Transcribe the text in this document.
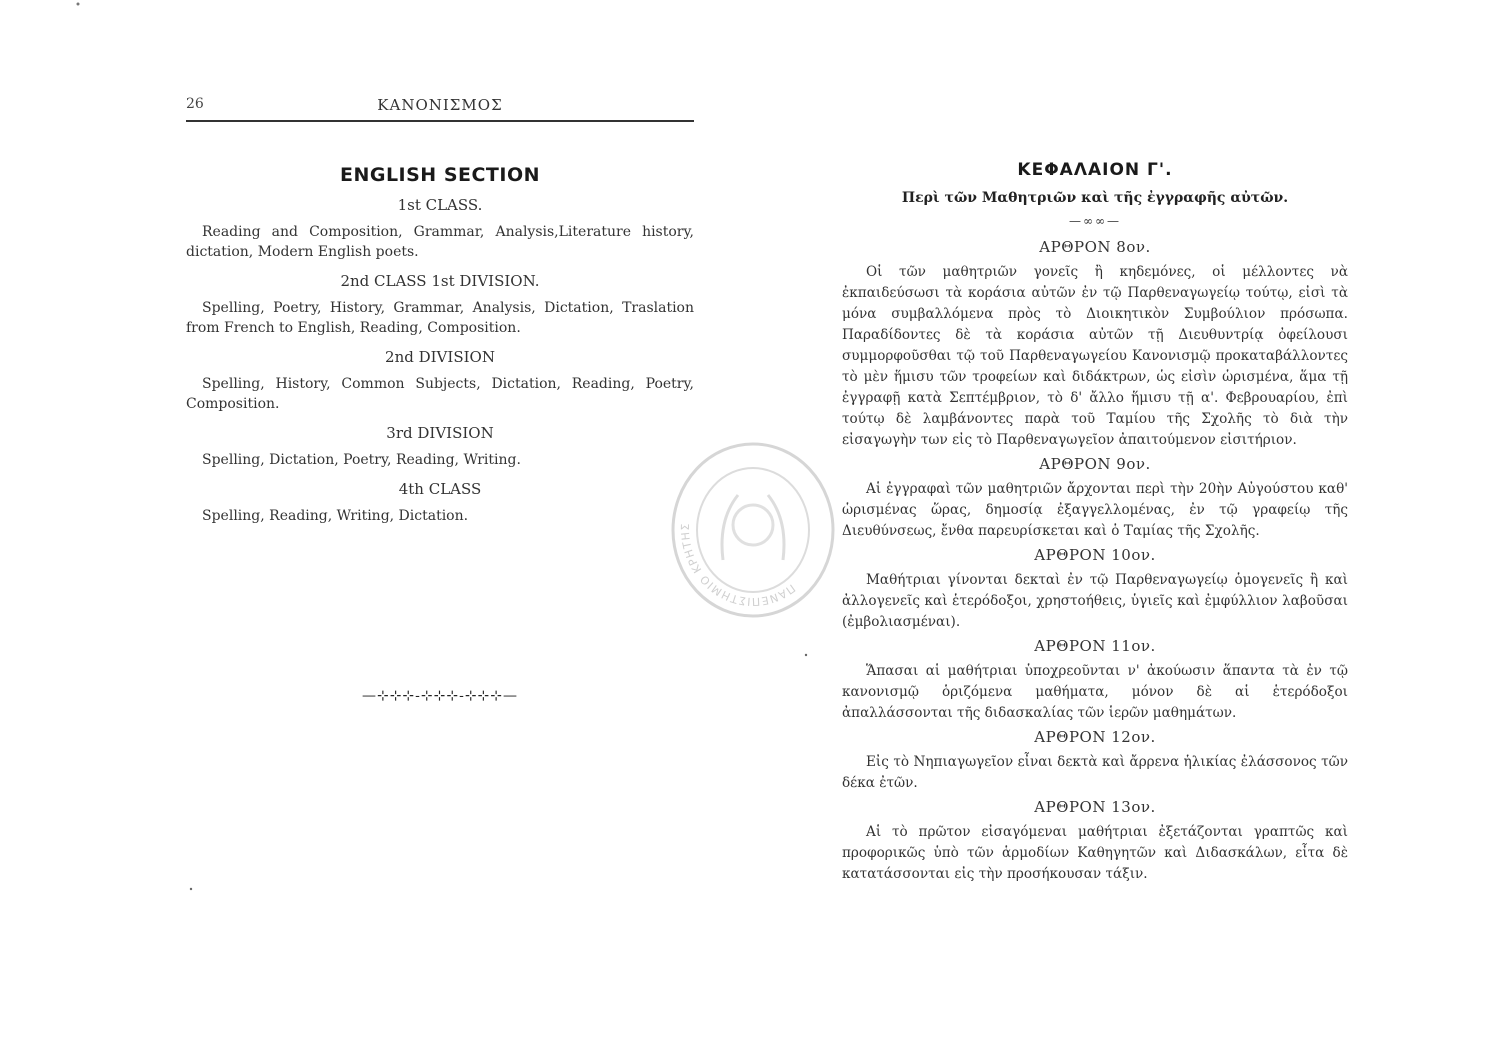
26	ΚΑΝΟΝΙΣΜΟΣ
ENGLISH SECTION
1st CLASS.

Reading and Composition, Grammar, Analysis,Literature history, dictation, Modern English poets.

2nd CLASS 1st DIVISION.

Spelling, Poetry, History, Grammar, Analysis, Dictation, Traslation from French to English, Reading, Composition.

2nd DIVISION

Spelling, History, Common Subjects, Dictation, Reading, Poetry, Composition.

3rd DIVISION

Spelling, Dictation, Poetry, Reading, Writing.

4th CLASS

Spelling, Reading, Writing, Dictation.

—⊹⊹⊹-⊹⊹⊹-⊹⊹⊹—
ΚΕΦΑΛΑΙΟΝ Γ'.
Περὶ τῶν Μαθητριῶν καὶ τῆς ἐγγραφῆς αὐτῶν.
—∞∞—
ΑΡΘΡΟΝ 8ον.

Οἱ τῶν μαθητριῶν γονεῖς ἢ κηδεμόνες, οἱ μέλλοντες νὰ ἐκπαιδεύσωσι τὰ κοράσια αὐτῶν ἐν τῷ Παρθεναγωγείῳ τούτῳ, εἰσὶ τὰ μόνα συμβαλλόμενα πρὸς τὸ Διοικητικὸν Συμβούλιον πρόσωπα. Παραδίδοντες δὲ τὰ κοράσια αὐτῶν τῇ Διευθυντρίᾳ ὀφείλουσι συμμορφοῦσθαι τῷ τοῦ Παρθεναγωγείου Κανονισμῷ προκαταβάλλοντες τὸ μὲν ἥμισυ τῶν τροφείων καὶ διδάκτρων, ὡς εἰσὶν ὡρισμένα, ἅμα τῇ ἐγγραφῇ κατὰ Σεπτέμβριον, τὸ δ' ἄλλο ἥμισυ τῇ α'. Φεβρουαρίου, ἐπὶ τούτῳ δὲ λαμβάνοντες παρὰ τοῦ Ταμίου τῆς Σχολῆς τὸ διὰ τὴν εἰσαγωγὴν των εἰς τὸ Παρθεναγωγεῖον ἀπαιτούμενον εἰσιτήριον.

ΑΡΘΡΟΝ 9ον.

Αἱ ἐγγραφαὶ τῶν μαθητριῶν ἄρχονται περὶ τὴν 20ὴν Αὐγούστου καθ' ὡρισμένας ὥρας, δημοσίᾳ ἐξαγγελλομένας, ἐν τῷ γραφείῳ τῆς Διευθύνσεως, ἔνθα παρευρίσκεται καὶ ὁ Ταμίας τῆς Σχολῆς.

ΑΡΘΡΟΝ 10ον.

Μαθήτριαι γίνονται δεκταὶ ἐν τῷ Παρθεναγωγείῳ ὁμογενεῖς ἢ καὶ ἀλλογενεῖς καὶ ἑτερόδοξοι, χρηστοήθεις, ὑγιεῖς καὶ ἐμφύλλιον λαβοῦσαι (ἐμβολιασμέναι).

ΑΡΘΡΟΝ 11ον.

Ἅπασαι αἱ μαθήτριαι ὑποχρεοῦνται ν' ἀκούωσιν ἅπαντα τὰ ἐν τῷ κανονισμῷ ὁριζόμενα μαθήματα, μόνον δὲ αἱ ἑτερόδοξοι ἀπαλλάσσονται τῆς διδασκαλίας τῶν ἱερῶν μαθημάτων.

ΑΡΘΡΟΝ 12ον.

Εἰς τὸ Νηπιαγωγεῖον εἶναι δεκτὰ καὶ ἄρρενα ἡλικίας ἐλάσσονος τῶν δέκα ἐτῶν.

ΑΡΘΡΟΝ 13ον.

Αἱ τὸ πρῶτον εἰσαγόμεναι μαθήτριαι ἐξετάζονται γραπτῶς καὶ προφορικῶς ὑπὸ τῶν ἁρμοδίων Καθηγητῶν καὶ Διδασκάλων, εἶτα δὲ κατατάσσονται εἰς τὴν προσήκουσαν τάξιν.

ΠΑΝΕΠΙΣΤΗΜΙΟ ΚΡΗΤΗΣ
